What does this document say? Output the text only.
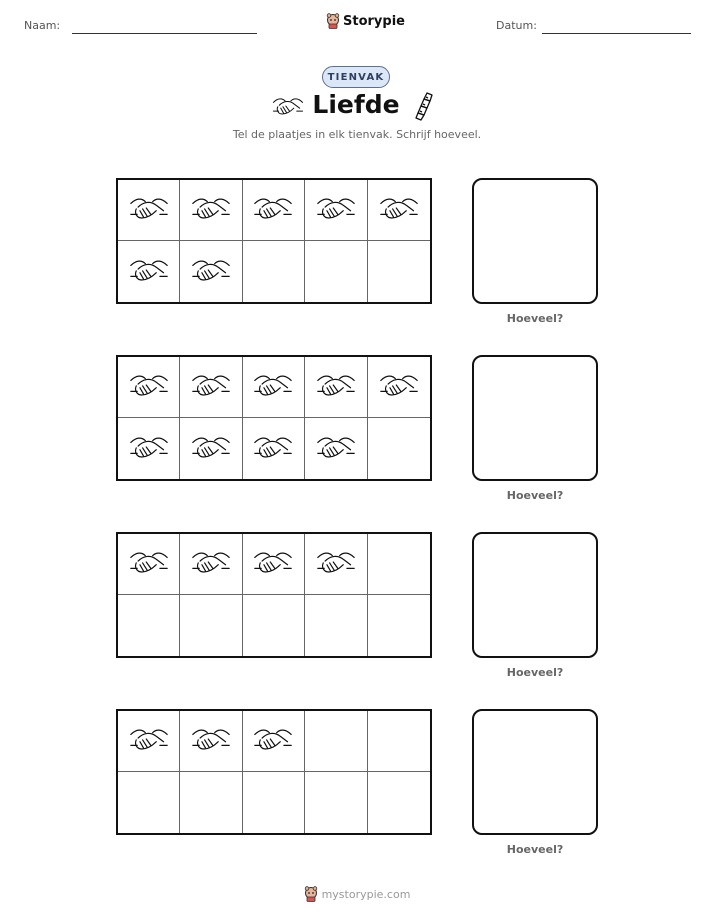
Naam:	Storypie	Datum:
TIENVAK
Liefde
Tel de plaatjes in elk tienvak. Schrijf hoeveel.
Hoeveel?
Hoeveel?
Hoeveel?
Hoeveel?
mystorypie.com
